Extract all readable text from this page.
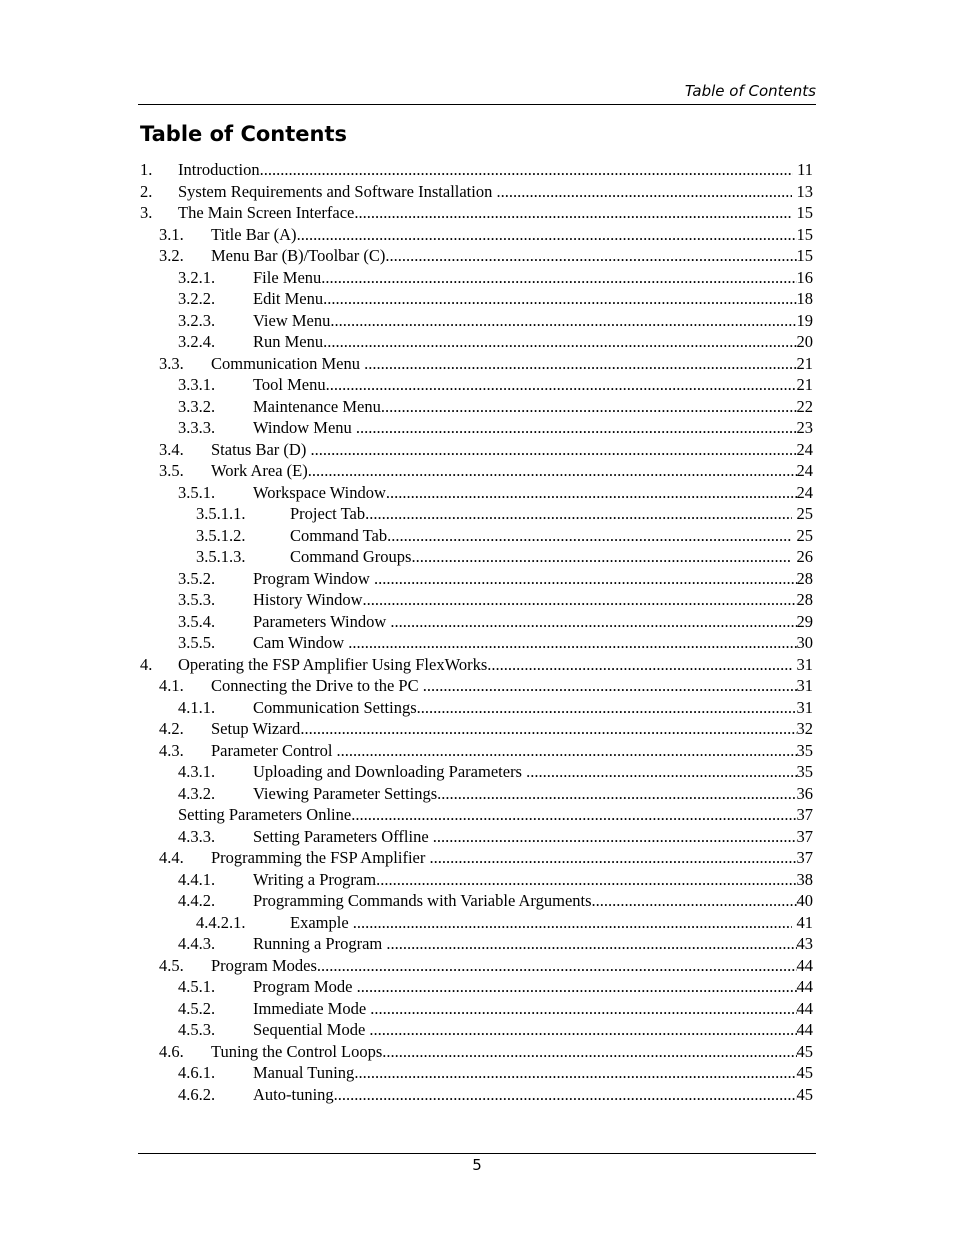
Table of Contents
Table of Contents
1.	Introduction .....	11
2.	System Requirements and Software Installation .....	13
3.	The Main Screen Interface .....	15
3.1.	Title Bar (A) .....	15
3.2.	Menu Bar (B)/Toolbar (C) .....	15
3.2.1.	File Menu .....	16
3.2.2.	Edit Menu .....	18
3.2.3.	View Menu .....	19
3.2.4.	Run Menu .....	20
3.3.	Communication Menu .....	21
3.3.1.	Tool Menu .....	21
3.3.2.	Maintenance Menu .....	22
3.3.3.	Window Menu .....	23
3.4.	Status Bar (D) .....	24
3.5.	Work Area (E) .....	24
3.5.1.	Workspace Window .....	24
3.5.1.1.	Project Tab .....	25
3.5.1.2.	Command Tab .....	25
3.5.1.3.	Command Groups .....	26
3.5.2.	Program Window .....	28
3.5.3.	History Window .....	28
3.5.4.	Parameters Window .....	29
3.5.5.	Cam Window .....	30
4.	Operating the FSP Amplifier Using FlexWorks .....	31
4.1.	Connecting the Drive to the PC .....	31
4.1.1.	Communication Settings .....	31
4.2.	Setup Wizard .....	32
4.3.	Parameter Control .....	35
4.3.1.	Uploading and Downloading Parameters .....	35
4.3.2.	Viewing Parameter Settings .....	36
Setting Parameters Online .....	37
4.3.3.	Setting Parameters Offline .....	37
4.4.	Programming the FSP Amplifier .....	37
4.4.1.	Writing a Program .....	38
4.4.2.	Programming Commands with Variable Arguments .....	40
4.4.2.1.	Example .....	41
4.4.3.	Running a Program .....	43
4.5.	Program Modes .....	44
4.5.1.	Program Mode .....	44
4.5.2.	Immediate Mode .....	44
4.5.3.	Sequential Mode .....	44
4.6.	Tuning the Control Loops .....	45
4.6.1.	Manual Tuning .....	45
4.6.2.	Auto-tuning .....	45
5
